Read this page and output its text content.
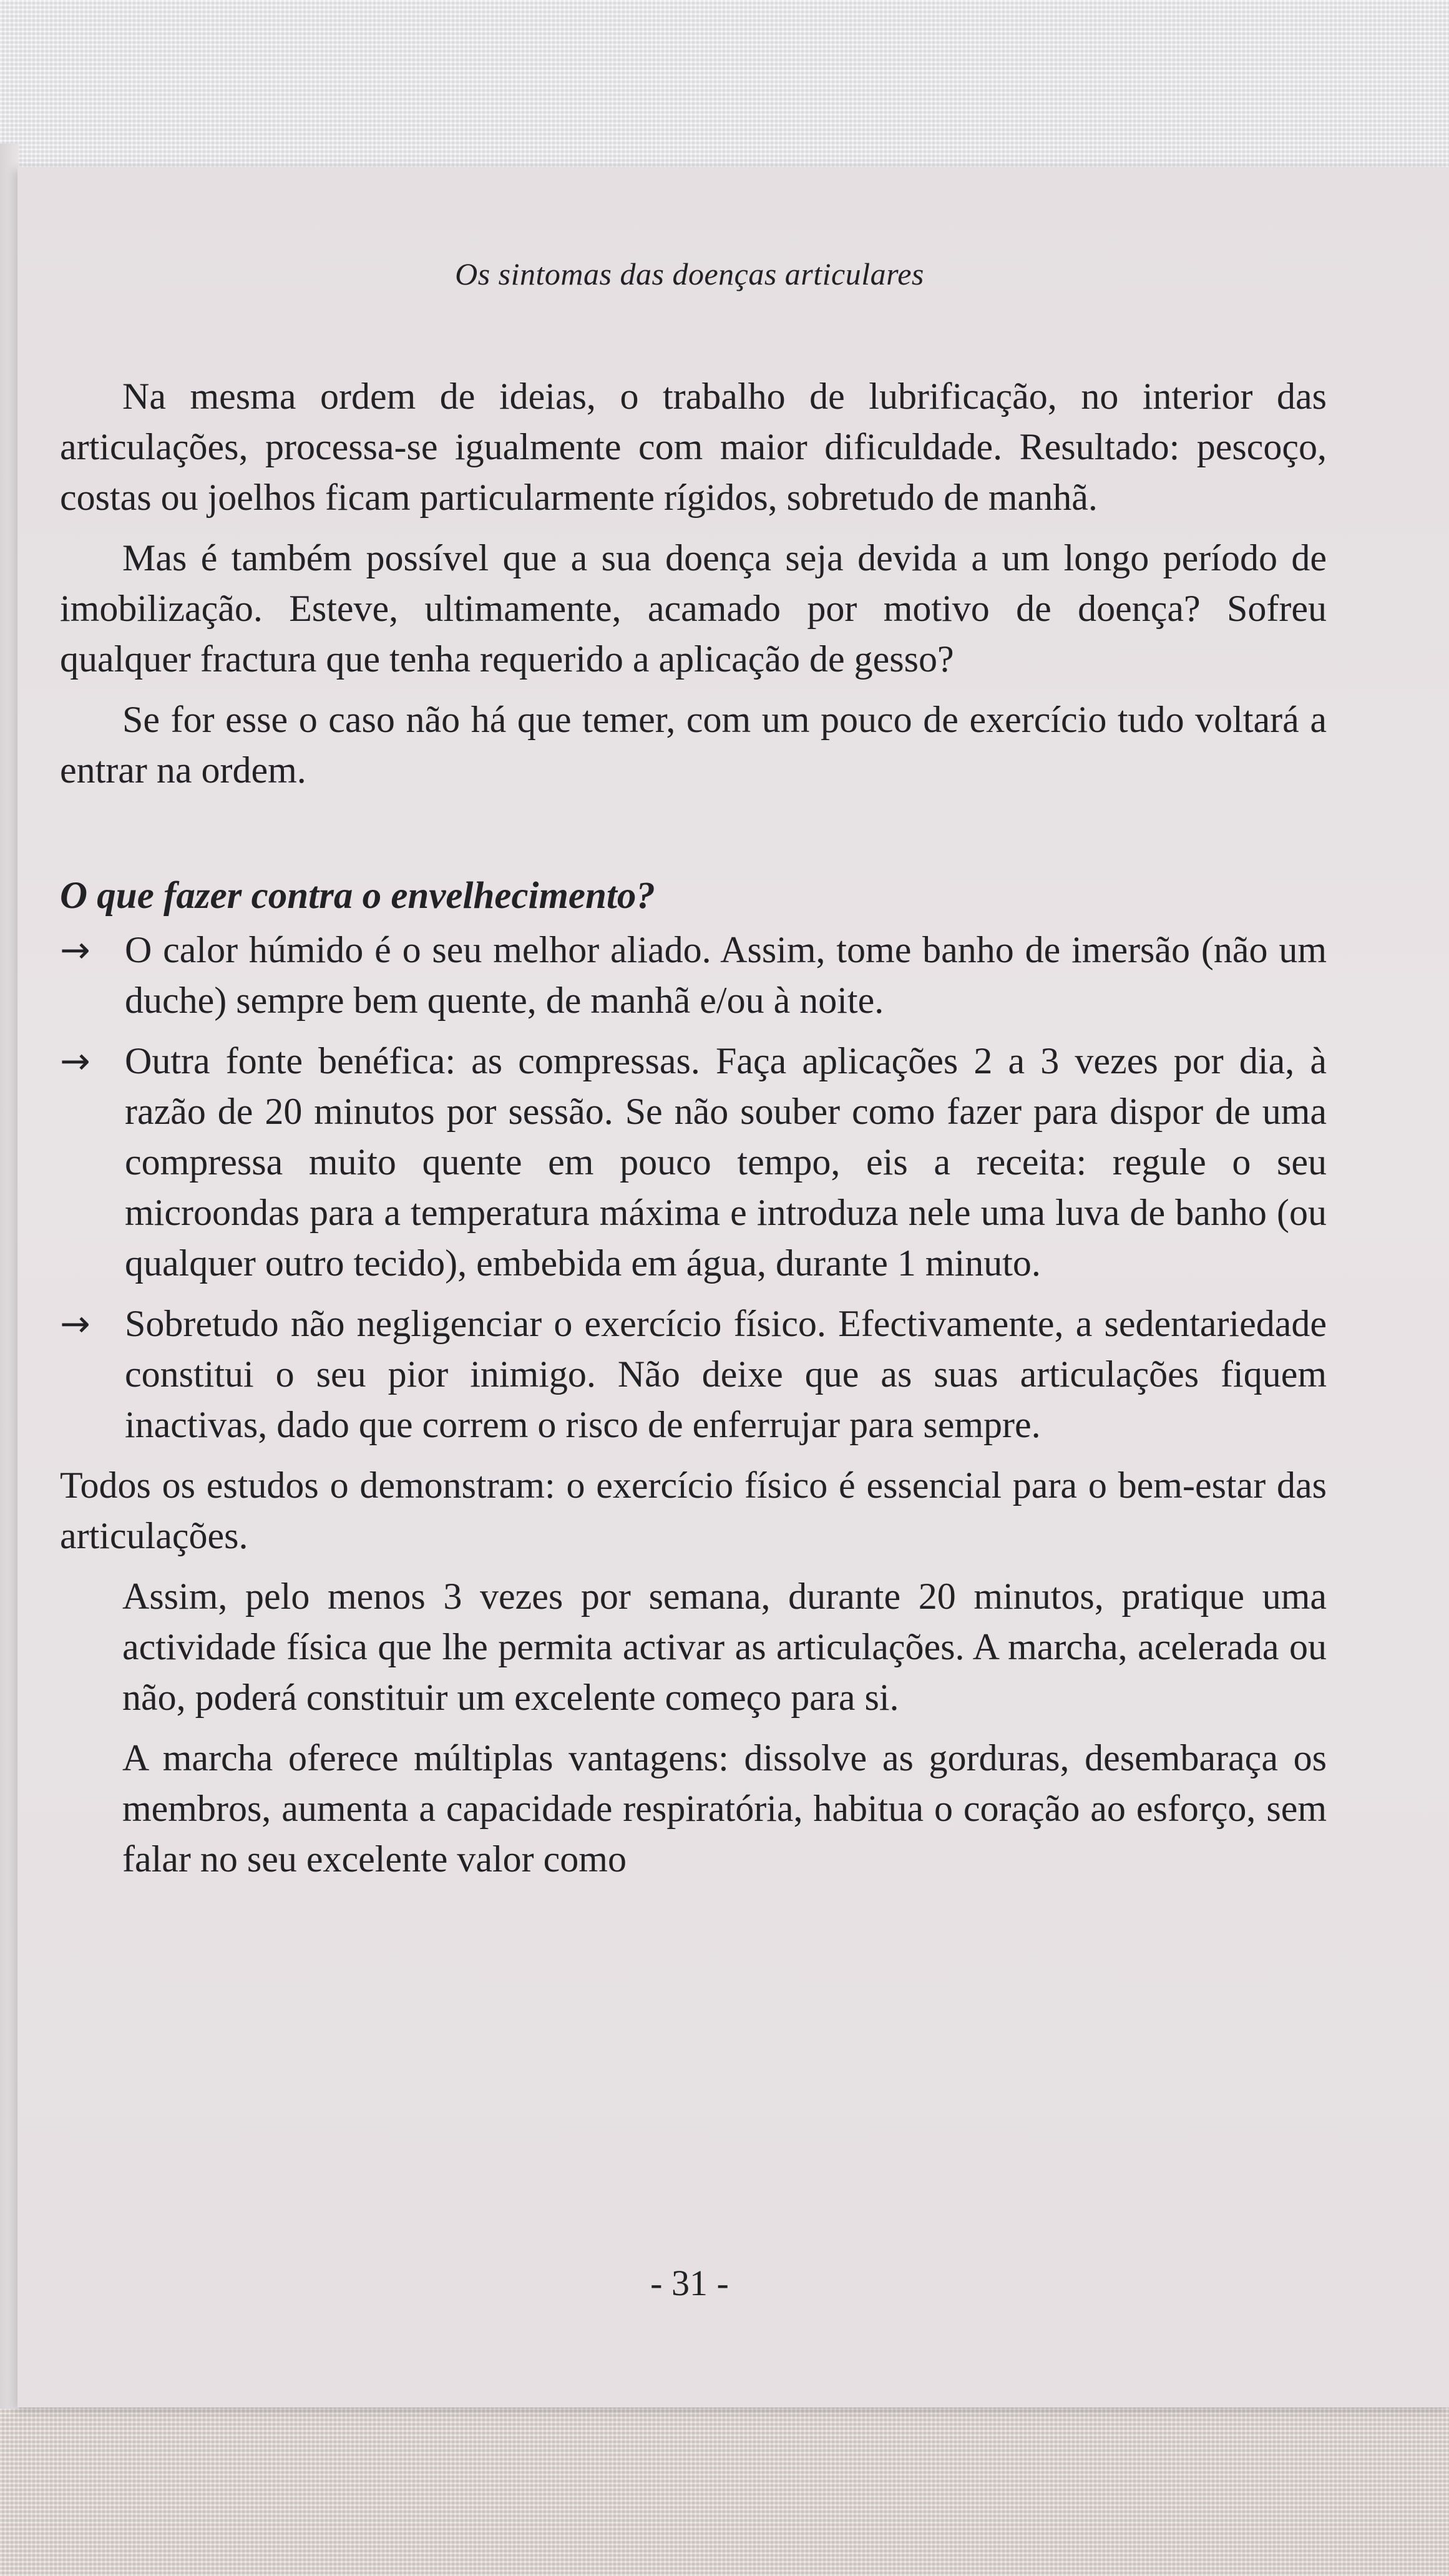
Os sintomas das doenças articulares

Na mesma ordem de ideias, o trabalho de lubrificação, no interior das articulações, processa-se igualmente com maior dificuldade. Resultado: pescoço, costas ou joelhos ficam particularmente rígidos, sobretudo de manhã.

Mas é também possível que a sua doença seja devida a um longo período de imobilização. Esteve, ultimamente, acamado por motivo de doença? Sofreu qualquer fractura que tenha requerido a aplicação de gesso?

Se for esse o caso não há que temer, com um pouco de exercício tudo voltará a entrar na ordem.

O que fazer contra o envelhecimento?

→ O calor húmido é o seu melhor aliado. Assim, tome banho de imersão (não um duche) sempre bem quente, de manhã e/ou à noite.
→ Outra fonte benéfica: as compressas. Faça aplicações 2 a 3 vezes por dia, à razão de 20 minutos por sessão. Se não souber como fazer para dispor de uma compressa muito quente em pouco tempo, eis a receita: regule o seu microondas para a temperatura máxima e introduza nele uma luva de banho (ou qualquer outro tecido), embebida em água, durante 1 minuto.
→ Sobretudo não negligenciar o exercício físico. Efectivamente, a sedentariedade constitui o seu pior inimigo. Não deixe que as suas articulações fiquem inactivas, dado que correm o risco de enferrujar para sempre.

Todos os estudos o demonstram: o exercício físico é essencial para o bem-estar das articulações.

Assim, pelo menos 3 vezes por semana, durante 20 minutos, pratique uma actividade física que lhe permita activar as articulações. A marcha, acelerada ou não, poderá constituir um excelente começo para si.

A marcha oferece múltiplas vantagens: dissolve as gorduras, desembaraça os membros, aumenta a capacidade respiratória, habitua o coração ao esforço, sem falar no seu excelente valor como

- 31 -
